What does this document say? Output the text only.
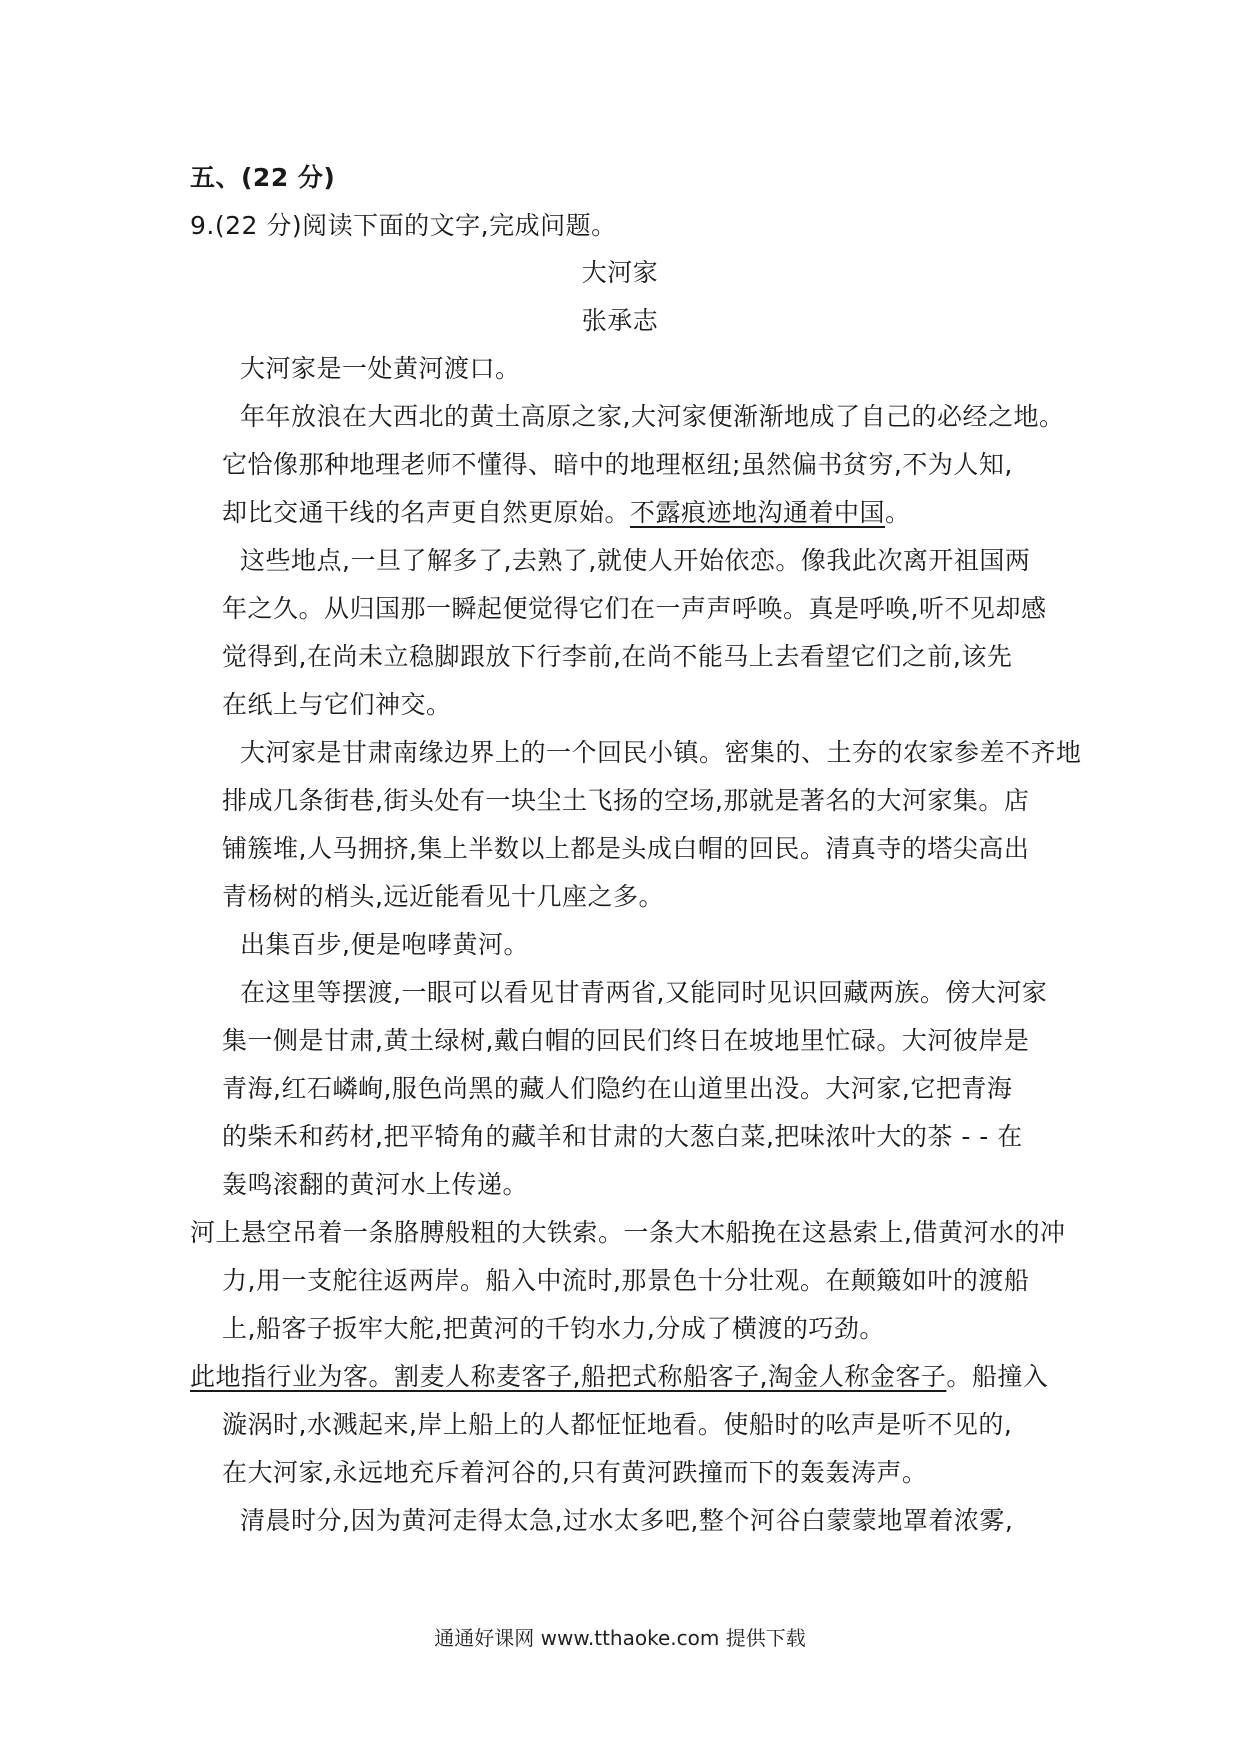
五、(22 分)
9.(22 分)阅读下面的文字,完成问题。
大河家
张承志
大河家是一处黄河渡口。
年年放浪在大西北的黄土高原之家,大河家便渐渐地成了自己的必经之地。
它恰像那种地理老师不懂得、暗中的地理枢纽;虽然偏书贫穷,不为人知,
却比交通干线的名声更自然更原始。不露痕迹地沟通着中国。
这些地点,一旦了解多了,去熟了,就使人开始依恋。像我此次离开祖国两
年之久。从归国那一瞬起便觉得它们在一声声呼唤。真是呼唤,听不见却感
觉得到,在尚未立稳脚跟放下行李前,在尚不能马上去看望它们之前,该先
在纸上与它们神交。
大河家是甘肃南缘边界上的一个回民小镇。密集的、土夯的农家参差不齐地
排成几条街巷,街头处有一块尘土飞扬的空场,那就是著名的大河家集。店
铺簇堆,人马拥挤,集上半数以上都是头成白帽的回民。清真寺的塔尖高出
青杨树的梢头,远近能看见十几座之多。
出集百步,便是咆哮黄河。
在这里等摆渡,一眼可以看见甘青两省,又能同时见识回藏两族。傍大河家
集一侧是甘肃,黄土绿树,戴白帽的回民们终日在坡地里忙碌。大河彼岸是
青海,红石嶙峋,服色尚黑的藏人们隐约在山道里出没。大河家,它把青海
的柴禾和药材,把平犄角的藏羊和甘肃的大葱白菜,把味浓叶大的茶 - - 在
轰鸣滚翻的黄河水上传递。
河上悬空吊着一条胳膊般粗的大铁索。一条大木船挽在这悬索上,借黄河水的冲
力,用一支舵往返两岸。船入中流时,那景色十分壮观。在颠簸如叶的渡船
上,船客子扳牢大舵,把黄河的千钧水力,分成了横渡的巧劲。
此地指行业为客。割麦人称麦客子,船把式称船客子,淘金人称金客子。船撞入
漩涡时,水溅起来,岸上船上的人都怔怔地看。使船时的吆声是听不见的,
在大河家,永远地充斥着河谷的,只有黄河跌撞而下的轰轰涛声。
清晨时分,因为黄河走得太急,过水太多吧,整个河谷白蒙蒙地罩着浓雾,
通通好课网 www.tthaoke.com 提供下载
